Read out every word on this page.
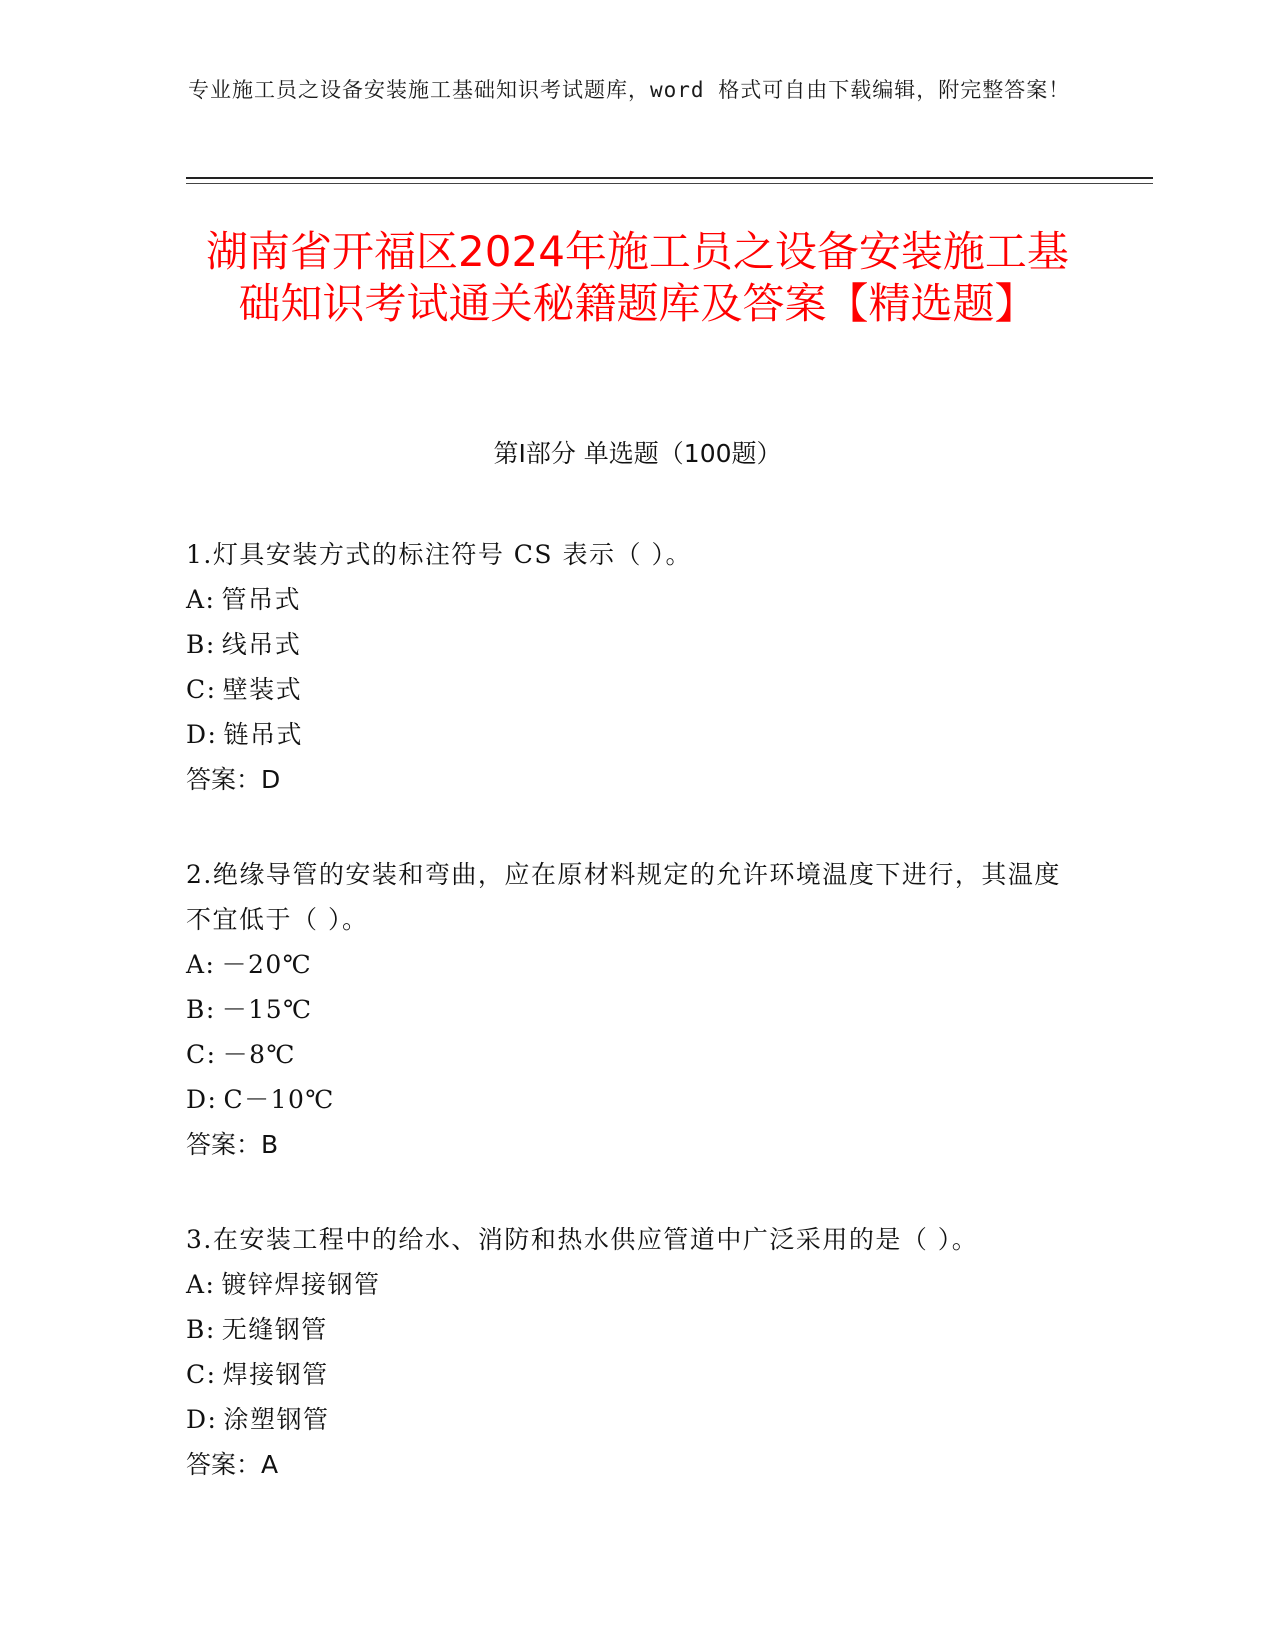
专业施工员之设备安装施工基础知识考试题库，word 格式可自由下载编辑，附完整答案！
湖南省开福区2024年施工员之设备安装施工基础知识考试通关秘籍题库及答案【精选题】
第Ⅰ部分 单选题（100题）
1.灯具安装方式的标注符号 CS 表示（ ）。
A: 管吊式
B: 线吊式
C: 壁装式
D: 链吊式
答案：D
2.绝缘导管的安装和弯曲，应在原材料规定的允许环境温度下进行，其温度不宜低于（ ）。
A: －20℃
B: －15℃
C: －8℃
D: C－10℃
答案：B
3.在安装工程中的给水、消防和热水供应管道中广泛采用的是（ ）。
A: 镀锌焊接钢管
B: 无缝钢管
C: 焊接钢管
D: 涂塑钢管
答案：A
